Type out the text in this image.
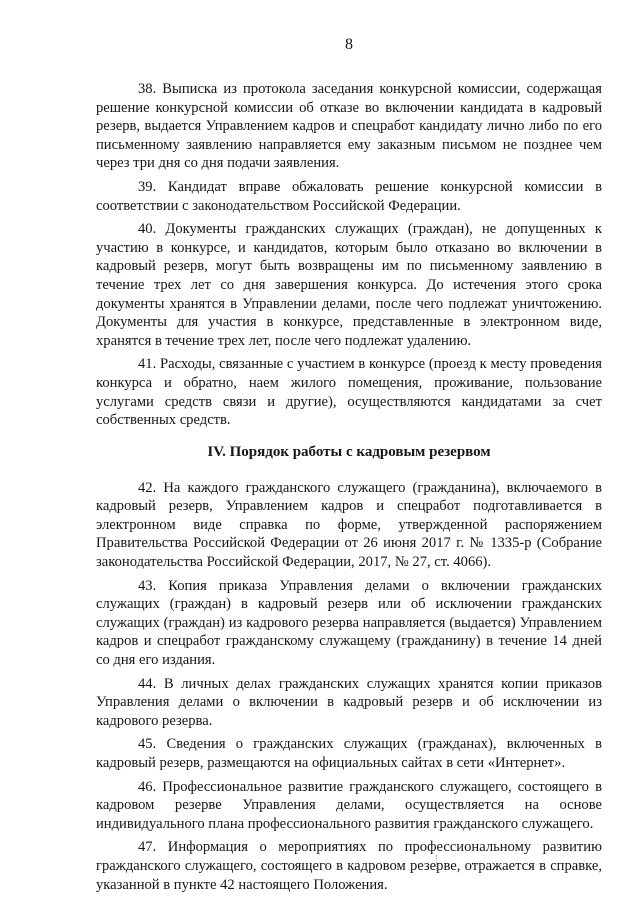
8

38. Выписка из протокола заседания конкурсной комиссии, содержащая решение конкурсной комиссии об отказе во включении кандидата в кадровый резерв, выдается Управлением кадров и спецработ кандидату лично либо по его письменному заявлению направляется ему заказным письмом не позднее чем через три дня со дня подачи заявления.

39. Кандидат вправе обжаловать решение конкурсной комиссии в соответствии с законодательством Российской Федерации.

40. Документы гражданских служащих (граждан), не допущенных к участию в конкурсе, и кандидатов, которым было отказано во включении в кадровый резерв, могут быть возвращены им по письменному заявлению в течение трех лет со дня завершения конкурса. До истечения этого срока документы хранятся в Управлении делами, после чего подлежат уничтожению. Документы для участия в конкурсе, представленные в электронном виде, хранятся в течение трех лет, после чего подлежат удалению.

41. Расходы, связанные с участием в конкурсе (проезд к месту проведения конкурса и обратно, наем жилого помещения, проживание, пользование услугами средств связи и другие), осуществляются кандидатами за счет собственных средств.

IV. Порядок работы с кадровым резервом

42. На каждого гражданского служащего (гражданина), включаемого в кадровый резерв, Управлением кадров и спецработ подготавливается в электронном виде справка по форме, утвержденной распоряжением Правительства Российской Федерации от 26 июня 2017 г. № 1335-р (Собрание законодательства Российской Федерации, 2017, № 27, ст. 4066).

43. Копия приказа Управления делами о включении гражданских служащих (граждан) в кадровый резерв или об исключении гражданских служащих (граждан) из кадрового резерва направляется (выдается) Управлением кадров и спецработ гражданскому служащему (гражданину) в течение 14 дней со дня его издания.

44. В личных делах гражданских служащих хранятся копии приказов Управления делами о включении в кадровый резерв и об исключении из кадрового резерва.

45. Сведения о гражданских служащих (гражданах), включенных в кадровый резерв, размещаются на официальных сайтах в сети «Интернет».

46. Профессиональное развитие гражданского служащего, состоящего в кадровом резерве Управления делами, осуществляется на основе индивидуального плана профессионального развития гражданского служащего.

47. Информация о мероприятиях по профессиональному развитию гражданского служащего, состоящего в кадровом резерве, отражается в справке, указанной в пункте 42 настоящего Положения.
